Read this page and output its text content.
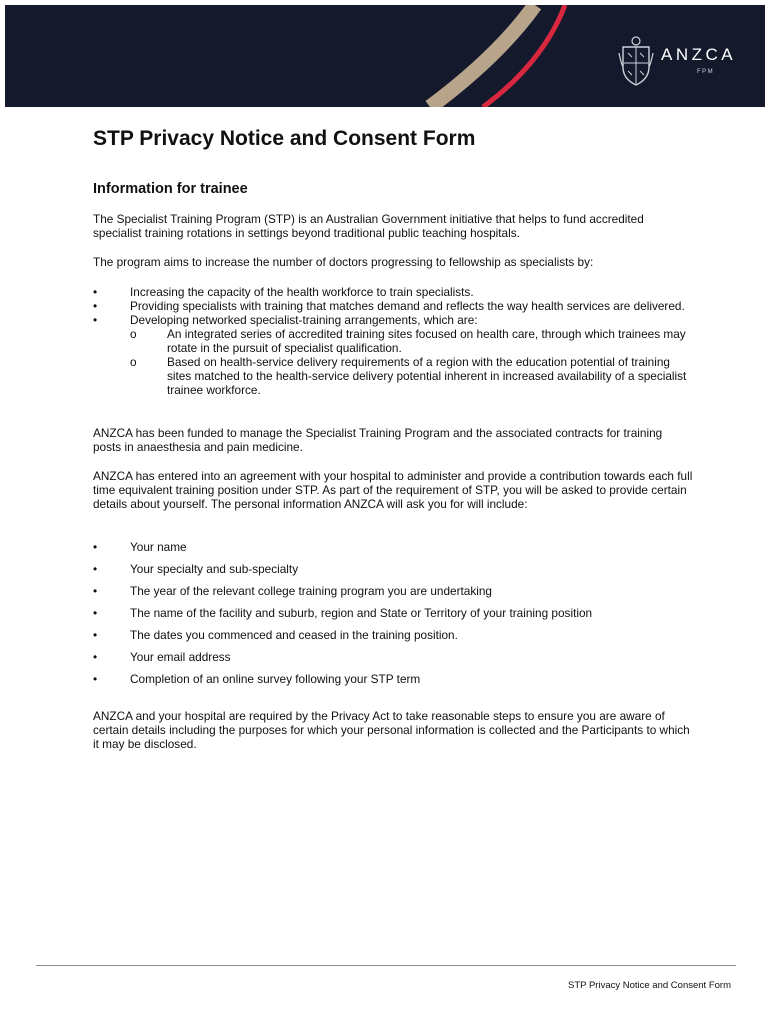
ANZCA
FPM
STP Privacy Notice and Consent Form
Information for trainee

The Specialist Training Program (STP) is an Australian Government initiative that helps to fund accredited specialist training rotations in settings beyond traditional public teaching hospitals.

The program aims to increase the number of doctors progressing to fellowship as specialists by:

•	Increasing the capacity of the health workforce to train specialists.
•	Providing specialists with training that matches demand and reflects the way health services are delivered.
•	Developing networked specialist-training arrangements, which are:
o	An integrated series of accredited training sites focused on health care, through which trainees may rotate in the pursuit of specialist qualification.
o	Based on health-service delivery requirements of a region with the education potential of training sites matched to the health-service delivery potential inherent in increased availability of a specialist trainee workforce.

ANZCA has been funded to manage the Specialist Training Program and the associated contracts for training posts in anaesthesia and pain medicine.

ANZCA has entered into an agreement with your hospital to administer and provide a contribution towards each full time equivalent training position under STP. As part of the requirement of STP, you will be asked to provide certain details about yourself. The personal information ANZCA will ask you for will include:

•	Your name
•	Your specialty and sub-specialty
•	The year of the relevant college training program you are undertaking
•	The name of the facility and suburb, region and State or Territory of your training position
•	The dates you commenced and ceased in the training position.
•	Your email address
•	Completion of an online survey following your STP term

ANZCA and your hospital are required by the Privacy Act to take reasonable steps to ensure you are aware of certain details including the purposes for which your personal information is collected and the Participants to which it may be disclosed.

STP Privacy Notice and Consent Form
